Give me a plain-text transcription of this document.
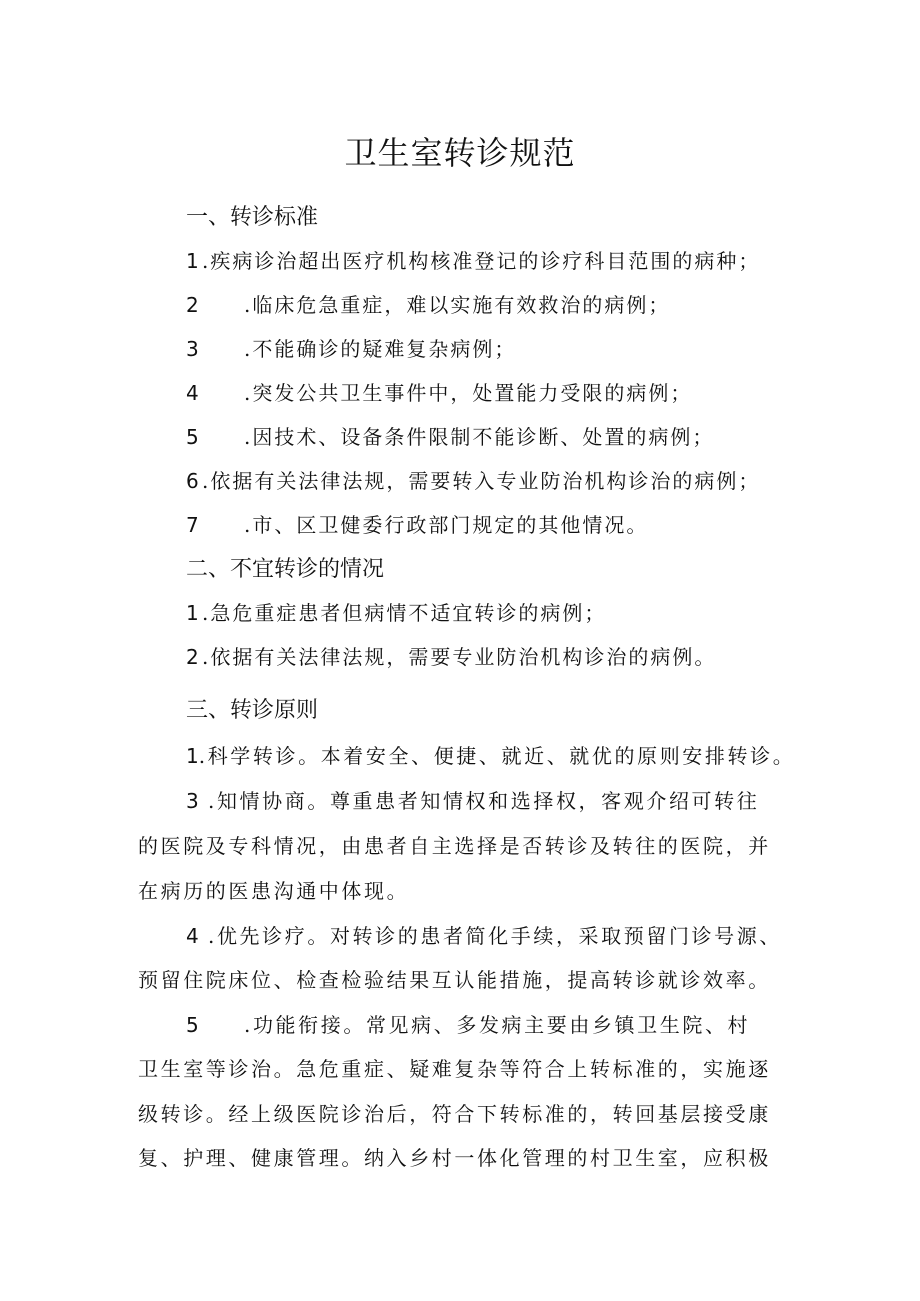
卫生室转诊规范
一、转诊标准
1 .疾病诊治超出医疗机构核准登记的诊疗科目范围的病种；
2 .临床危急重症，难以实施有效救治的病例；
3 .不能确诊的疑难复杂病例；
4 .突发公共卫生事件中，处置能力受限的病例；
5 .因技术、设备条件限制不能诊断、处置的病例；
6 .依据有关法律法规，需要转入专业防治机构诊治的病例；
7 .市、区卫健委行政部门规定的其他情况。
二、不宜转诊的情况
1 .急危重症患者但病情不适宜转诊的病例；
2 .依据有关法律法规，需要专业防治机构诊治的病例。
三、转诊原则
1.科学转诊。本着安全、便捷、就近、就优的原则安排转诊。
3 .知情协商。尊重患者知情权和选择权，客观介绍可转往
的医院及专科情况，由患者自主选择是否转诊及转往的医院，并
在病历的医患沟通中体现。
4 .优先诊疗。对转诊的患者简化手续，采取预留门诊号源、
预留住院床位、检查检验结果互认能措施，提高转诊就诊效率。
5 .功能衔接。常见病、多发病主要由乡镇卫生院、村
卫生室等诊治。急危重症、疑难复杂等符合上转标准的，实施逐
级转诊。经上级医院诊治后，符合下转标准的，转回基层接受康
复、护理、健康管理。纳入乡村一体化管理的村卫生室，应积极
